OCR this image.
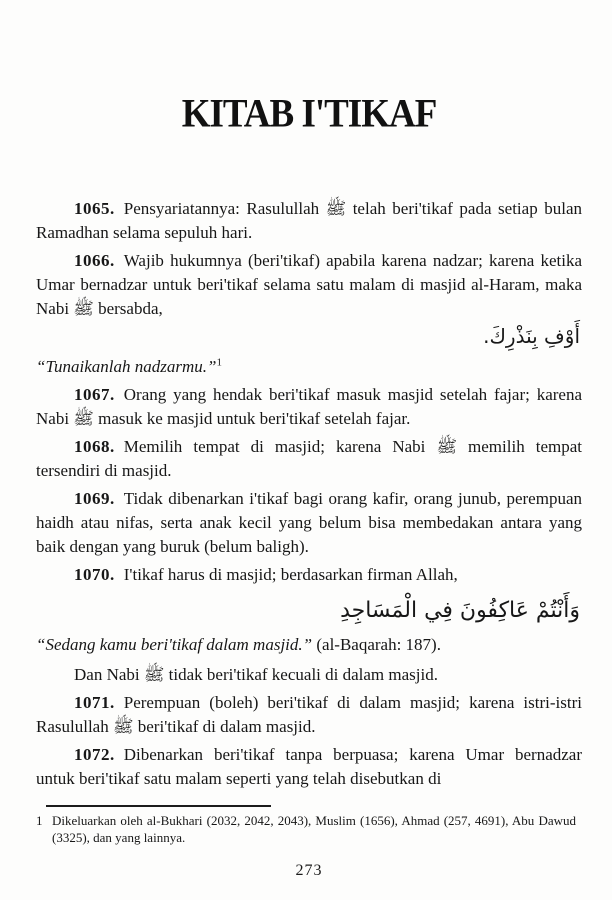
KITAB I'TIKAF

1065. Pensyariatannya: Rasulullah ﷺ telah beri'tikaf pada setiap bulan Ramadhan selama sepuluh hari.

1066. Wajib hukumnya (beri'tikaf) apabila karena nadzar; karena ketika Umar bernadzar untuk beri'tikaf selama satu malam di masjid al-Haram, maka Nabi ﷺ bersabda,

أَوْفِ بِنَذْرِكَ.

“Tunaikanlah nadzarmu.”$^1$

1067. Orang yang hendak beri'tikaf masuk masjid setelah fajar; karena Nabi ﷺ masuk ke masjid untuk beri'tikaf setelah fajar.

1068. Memilih tempat di masjid; karena Nabi ﷺ memilih tempat tersendiri di masjid.

1069. Tidak dibenarkan i'tikaf bagi orang kafir, orang junub, perempuan haidh atau nifas, serta anak kecil yang belum bisa membedakan antara yang baik dengan yang buruk (belum baligh).

1070. I'tikaf harus di masjid; berdasarkan firman Allah,

وَأَنْتُمْ عَاكِفُونَ فِي الْمَسَاجِدِ

“Sedang kamu beri'tikaf dalam masjid.” (al-Baqarah: 187).

Dan Nabi ﷺ tidak beri'tikaf kecuali di dalam masjid.

1071. Perempuan (boleh) beri'tikaf di dalam masjid; karena istri-istri Rasulullah ﷺ beri'tikaf di dalam masjid.

1072. Dibenarkan beri'tikaf tanpa berpuasa; karena Umar bernadzar untuk beri'tikaf satu malam seperti yang telah disebutkan di

1 Dikeluarkan oleh al-Bukhari (2032, 2042, 2043), Muslim (1656), Ahmad (257, 4691), Abu Dawud (3325), dan yang lainnya.
273
